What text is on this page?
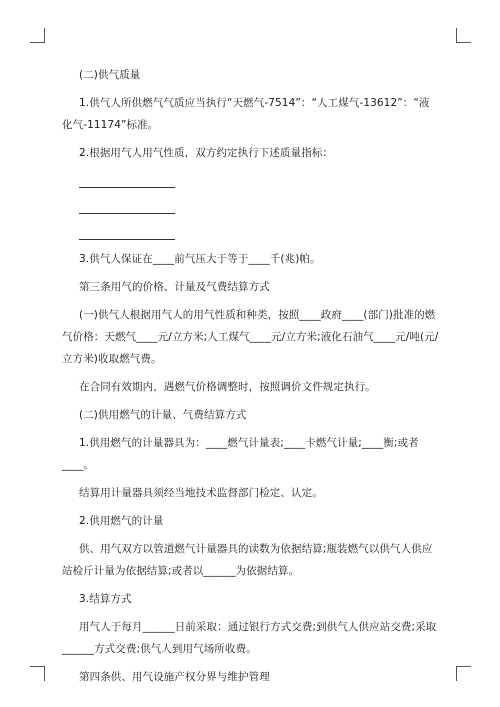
(二)供气质量

1.供气人所供燃气气质应当执行“天燃气-7514”：“人工煤气-13612”：“液化气-11174”标准。

2.根据用气人用气性质，双方约定执行下述质量指标：

3.供气人保证在____前气压大于等于____千(兆)帕。

第三条用气的价格、计量及气费结算方式

(一)供气人根据用气人的用气性质和种类，按照____政府____(部门)批准的燃气价格：天燃气____元/立方米;人工煤气____元/立方米;液化石油气____元/吨(元/立方米)收取燃气费。

在合同有效期内，遇燃气价格调整时，按照调价文件规定执行。

(二)供用燃气的计量、气费结算方式

1.供用燃气的计量器具为：____燃气计量表;____卡燃气计量;____衡;或者____。

结算用计量器具须经当地技术监督部门检定、认定。

2.供用燃气的计量

供、用气双方以管道燃气计量器具的读数为依据结算;瓶装燃气以供气人供应站检斤计量为依据结算;或者以______为依据结算。

3.结算方式

用气人于每月______日前采取：通过银行方式交费;到供气人供应站交费;采取______方式交费;供气人到用气场所收费。

第四条供、用气设施产权分界与维护管理
